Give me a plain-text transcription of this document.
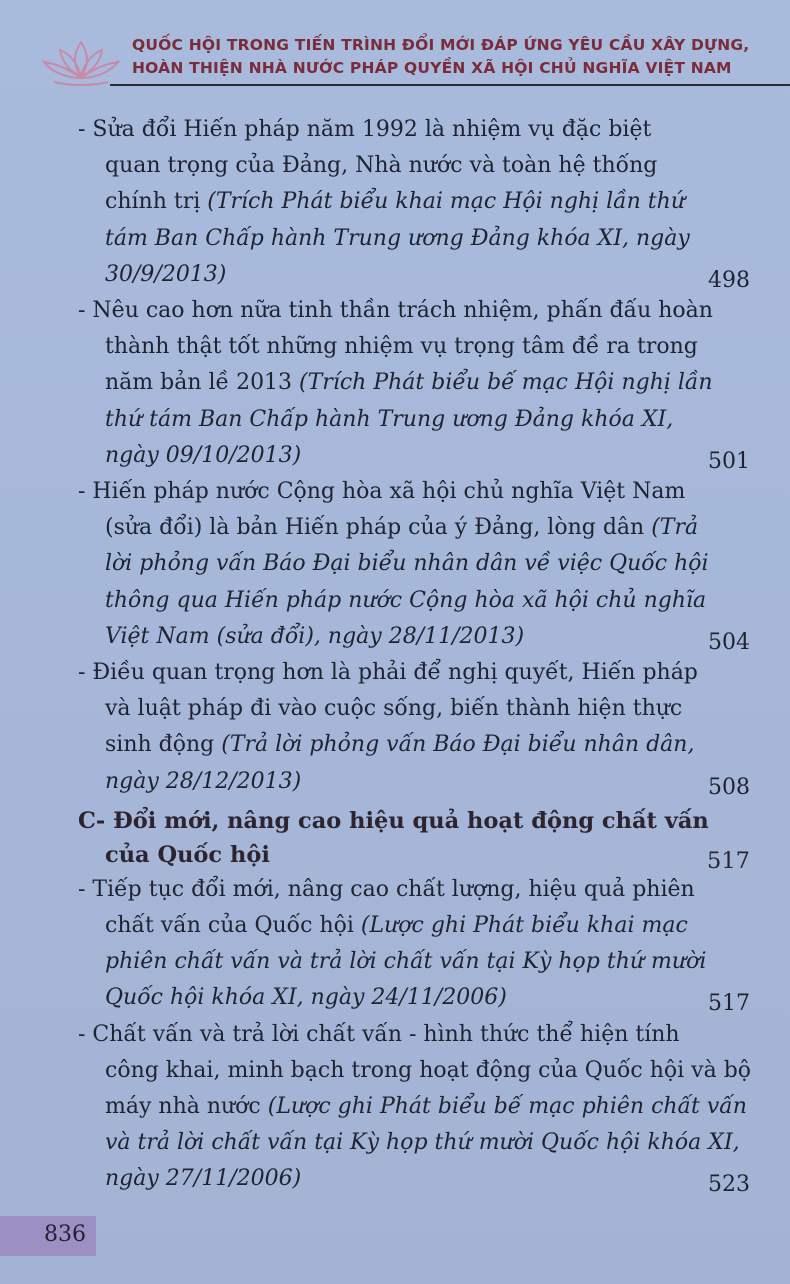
QUỐC HỘI TRONG TIẾN TRÌNH ĐỔI MỚI ĐÁP ỨNG YÊU CẦU XÂY DỰNG,
HOÀN THIỆN NHÀ NƯỚC PHÁP QUYỀN XÃ HỘI CHỦ NGHĨA VIỆT NAM
- Sửa đổi Hiến pháp năm 1992 là nhiệm vụ đặc biệt
quan trọng của Đảng, Nhà nước và toàn hệ thống
chính trị (Trích Phát biểu khai mạc Hội nghị lần thứ
tám Ban Chấp hành Trung ương Đảng khóa XI, ngày
30/9/2013)	498
- Nêu cao hơn nữa tinh thần trách nhiệm, phấn đấu hoàn
thành thật tốt những nhiệm vụ trọng tâm đề ra trong
năm bản lề 2013 (Trích Phát biểu bế mạc Hội nghị lần
thứ tám Ban Chấp hành Trung ương Đảng khóa XI,
ngày 09/10/2013)	501
- Hiến pháp nước Cộng hòa xã hội chủ nghĩa Việt Nam
(sửa đổi) là bản Hiến pháp của ý Đảng, lòng dân (Trả
lời phỏng vấn Báo Đại biểu nhân dân về việc Quốc hội
thông qua Hiến pháp nước Cộng hòa xã hội chủ nghĩa
Việt Nam (sửa đổi), ngày 28/11/2013)	504
- Điều quan trọng hơn là phải để nghị quyết, Hiến pháp
và luật pháp đi vào cuộc sống, biến thành hiện thực
sinh động (Trả lời phỏng vấn Báo Đại biểu nhân dân,
ngày 28/12/2013)	508
C- Đổi mới, nâng cao hiệu quả hoạt động chất vấn
của Quốc hội	517
- Tiếp tục đổi mới, nâng cao chất lượng, hiệu quả phiên
chất vấn của Quốc hội (Lược ghi Phát biểu khai mạc
phiên chất vấn và trả lời chất vấn tại Kỳ họp thứ mười
Quốc hội khóa XI, ngày 24/11/2006)	517
- Chất vấn và trả lời chất vấn - hình thức thể hiện tính
công khai, minh bạch trong hoạt động của Quốc hội và bộ
máy nhà nước (Lược ghi Phát biểu bế mạc phiên chất vấn
và trả lời chất vấn tại Kỳ họp thứ mười Quốc hội khóa XI,
ngày 27/11/2006)	523
836
